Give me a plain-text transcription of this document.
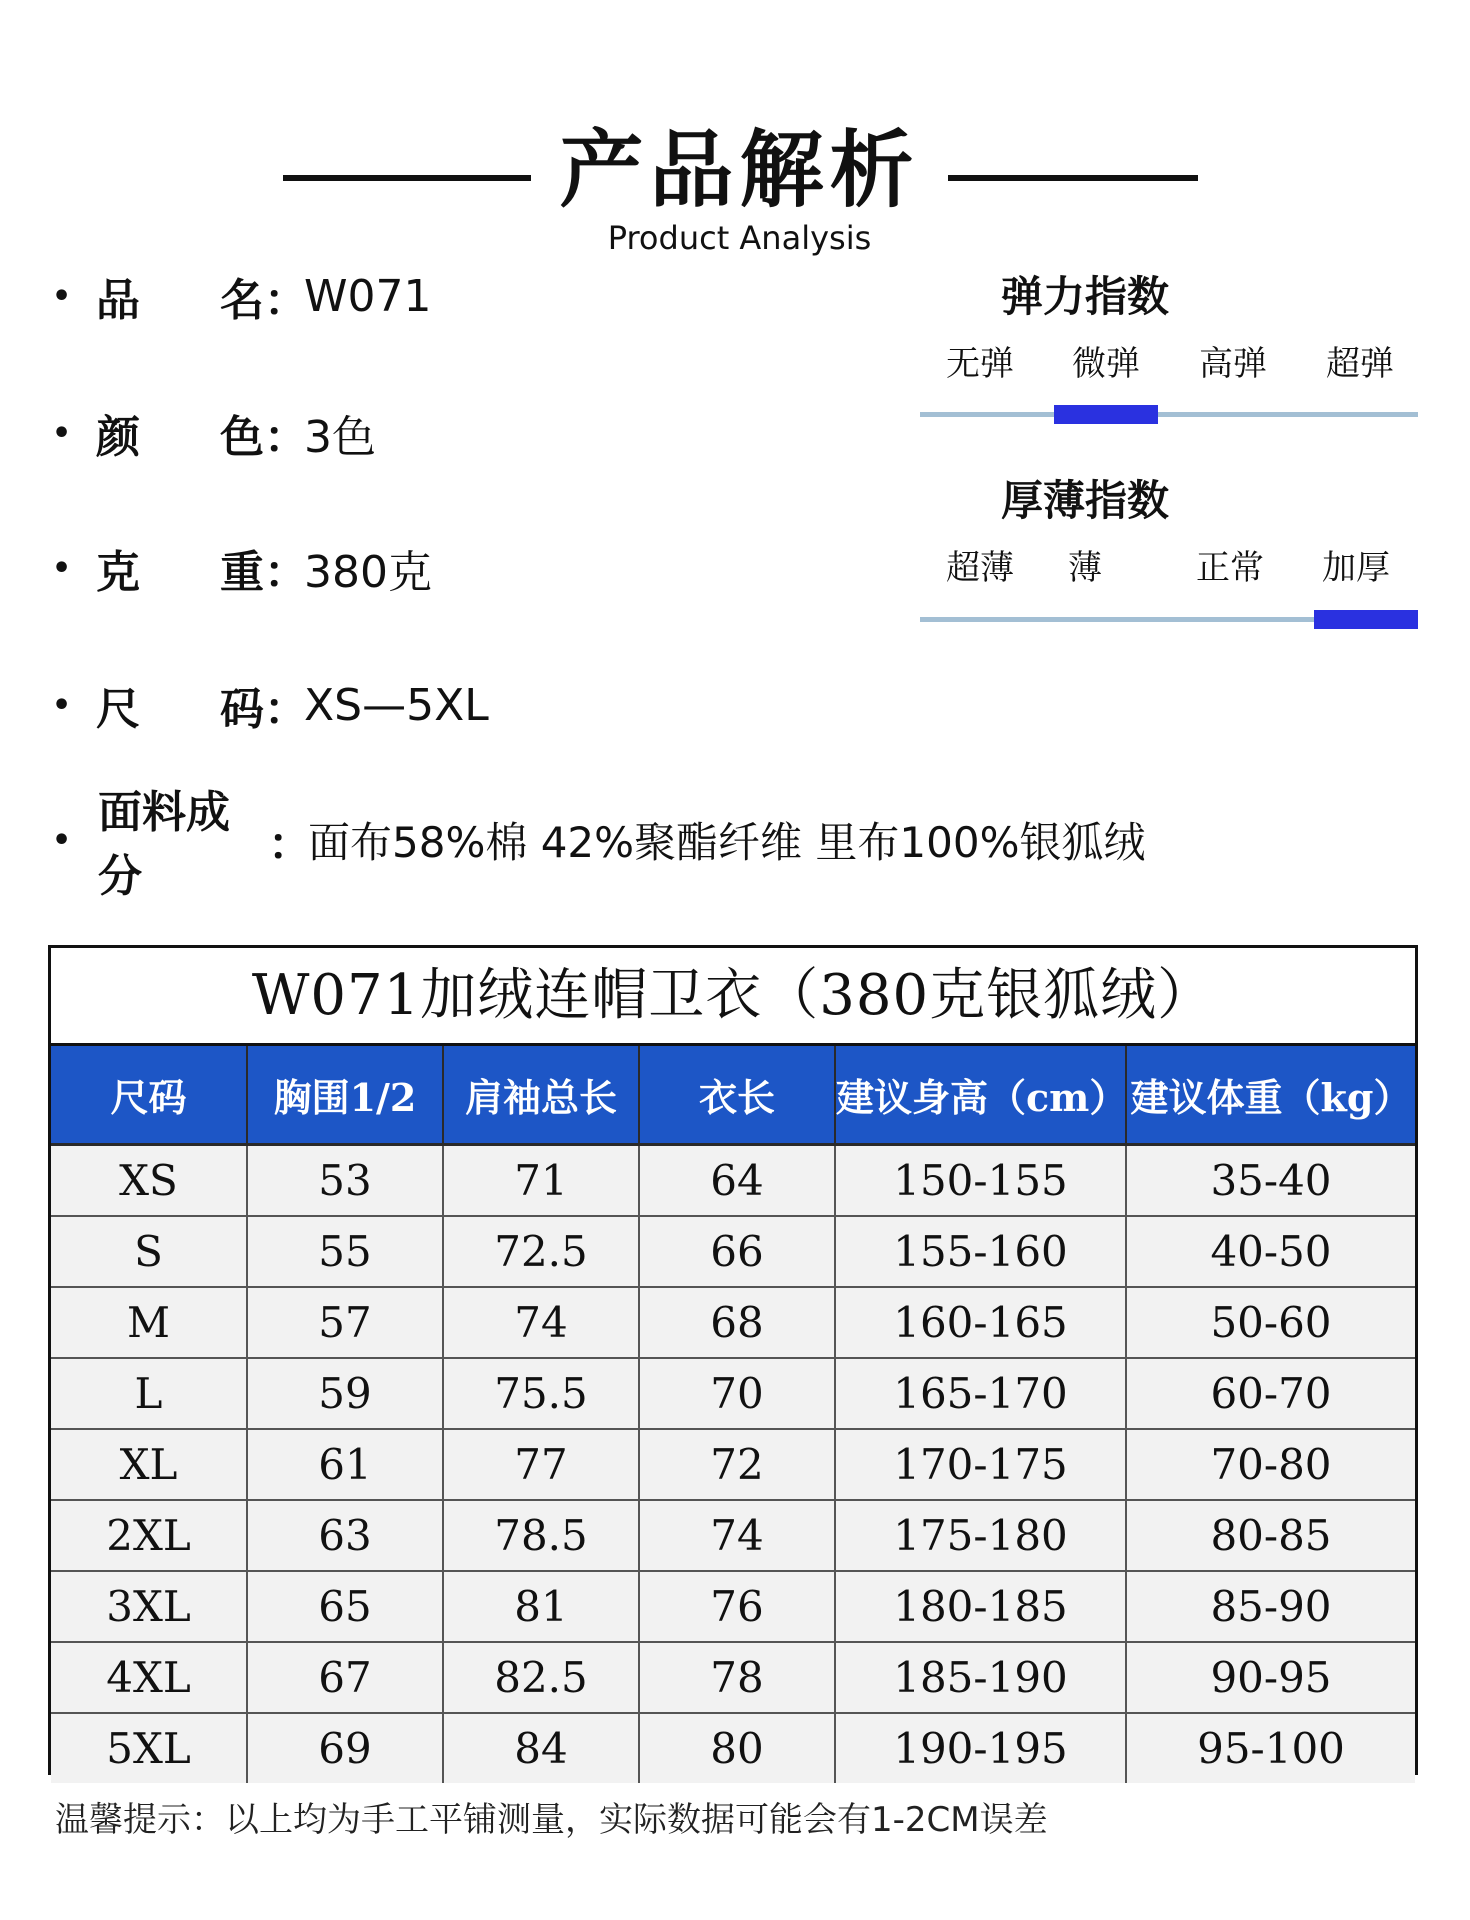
产品解析
Product Analysis
• 品 名 ：
W071
• 颜 色 ：
3色
• 克 重 ：
380克
• 尺 码 ：
XS—5XL
•
面料成分
：
面布58%棉 42%聚酯纤维 里布100%银狐绒
弹力指数
无弹 微弹 高弹 超弹
厚薄指数
超薄 薄	正常 加厚
W071加绒连帽卫衣（380克银狐绒）
尺码	胸围1/2	肩袖总长	衣长	建议身高（cm）	建议体重（kg）
XS	53	71	64	150-155	35-40
S	55	72.5	66	155-160	40-50
M	57	74	68	160-165	50-60
L	59	75.5	70	165-170	60-70
XL	61	77	72	170-175	70-80
2XL	63	78.5	74	175-180	80-85
3XL	65	81	76	180-185	85-90
4XL	67	82.5	78	185-190	90-95
5XL	69	84	80	190-195	95-100
温馨提示：以上均为手工平铺测量，实际数据可能会有1-2CM误差
